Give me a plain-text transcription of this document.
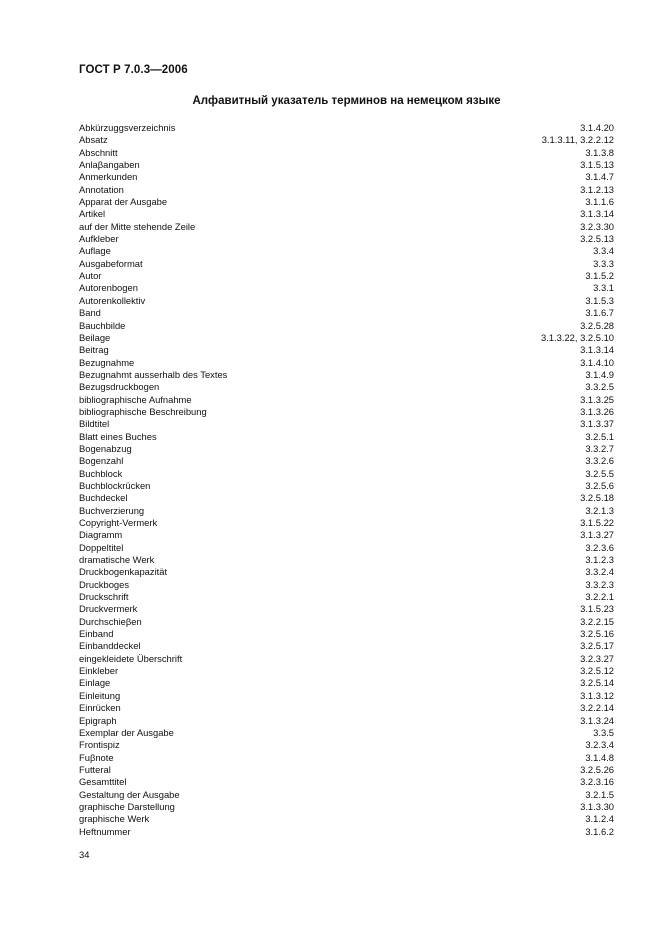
ГОСТ Р 7.0.3—2006
Алфавитный указатель терминов на немецком языке
Abkürzuggsverzeichnis	3.1.4.20
Absatz	3.1.3.11, 3.2.2.12
Abschnitt	3.1.3.8
Anlaβangaben	3.1.5.13
Anmerkunden	3.1.4.7
Annotation	3.1.2.13
Apparat der Ausgabe	3.1.1.6
Artikel	3.1.3.14
auf der Mitte stehende Zeile	3.2.3.30
Aufkleber	3.2.5.13
Auflage	3.3.4
Ausgabeformat	3.3.3
Autor	3.1.5.2
Autorenbogen	3.3.1
Autorenkollektiv	3.1.5.3
Band	3.1.6.7
Bauchbilde	3.2.5.28
Beilage	3.1.3.22, 3.2.5.10
Beitrag	3.1.3.14
Bezugnahme	3.1.4.10
Bezugnahmt ausserhalb des Textes	3.1.4.9
Bezugsdruckbogen	3.3.2.5
bibliographische Aufnahme	3.1.3.25
bibliographische Beschreibung	3.1.3.26
Bildtitel	3.1.3.37
Blatt eines Buches	3.2.5.1
Bogenabzug	3.3.2.7
Bogenzahl	3.3.2.6
Buchblock	3.2.5.5
Buchblockrücken	3.2.5.6
Buchdeckel	3.2.5.18
Buchverzierung	3.2.1.3
Copyright-Vermerk	3.1.5.22
Diagramm	3.1.3.27
Doppeltitel	3.2.3.6
dramatische Werk	3.1.2.3
Druckbogenkapazität	3.3.2.4
Druckboges	3.3.2.3
Druckschrift	3.2.2.1
Druckvermerk	3.1.5.23
Durchschieβen	3.2.2.15
Einband	3.2.5.16
Einbanddeckel	3.2.5.17
eingekleidete Überschrift	3.2.3.27
Einkleber	3.2.5.12
Einlage	3.2.5.14
Einleitung	3.1.3.12
Einrücken	3.2.2.14
Epigraph	3.1.3.24
Exemplar der Ausgabe	3.3.5
Frontispiz	3.2.3.4
Fuβnote	3.1.4.8
Futteral	3.2.5.26
Gesamttitel	3.2.3.16
Gestaltung der Ausgabe	3.2.1.5
graphische Darstellung	3.1.3.30
graphische Werk	3.1.2.4
Heftnummer	3.1.6.2
34
